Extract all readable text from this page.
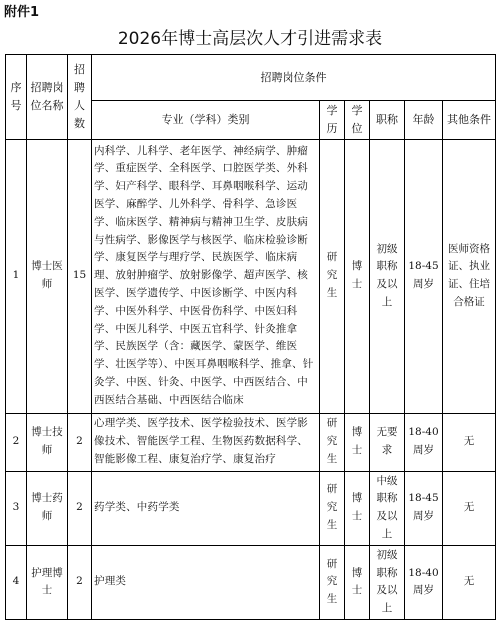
附件1
2026年博士高层次人才引进需求表
序号	招聘岗位名称	招聘人数	招聘岗位条件					
			专业（学科）类别	学历	学位	职称	年龄	其他条件
1	博士医师	15	内科学、儿科学、老年医学、神经病学、肿瘤学、重症医学、全科医学、口腔医学类、外科学、妇产科学、眼科学、耳鼻咽喉科学、运动医学、麻醉学、儿外科学、骨科学、急诊医学、临床医学、精神病与精神卫生学、皮肤病与性病学、影像医学与核医学、临床检验诊断学、康复医学与理疗学、民族医学、临床病理、放射肿瘤学、放射影像学、超声医学、核医学、医学遗传学、中医诊断学、中医内科学、中医外科学、中医骨伤科学、中医妇科学、中医儿科学、中医五官科学、针灸推拿学、民族医学（含：藏医学、蒙医学、维医学、壮医学等）、中医耳鼻咽喉科学、推拿、针灸学、中医、针灸、中医学、中西医结合、中西医结合基础、中西医结合临床	研究生	博士	初级职称及以上	18-45周岁	医师资格证、执业证、住培合格证
2	博士技师	2	心理学类、医学技术、医学检验技术、医学影像技术、智能医学工程、生物医药数据科学、智能影像工程、康复治疗学、康复治疗	研究生	博士	无要求	18-40周岁	无
3	博士药师	2	药学类、中药学类	研究生	博士	中级职称及以上	18-45周岁	无
4	护理博士	2	护理类	研究生	博士	初级职称及以上	18-40周岁	无
